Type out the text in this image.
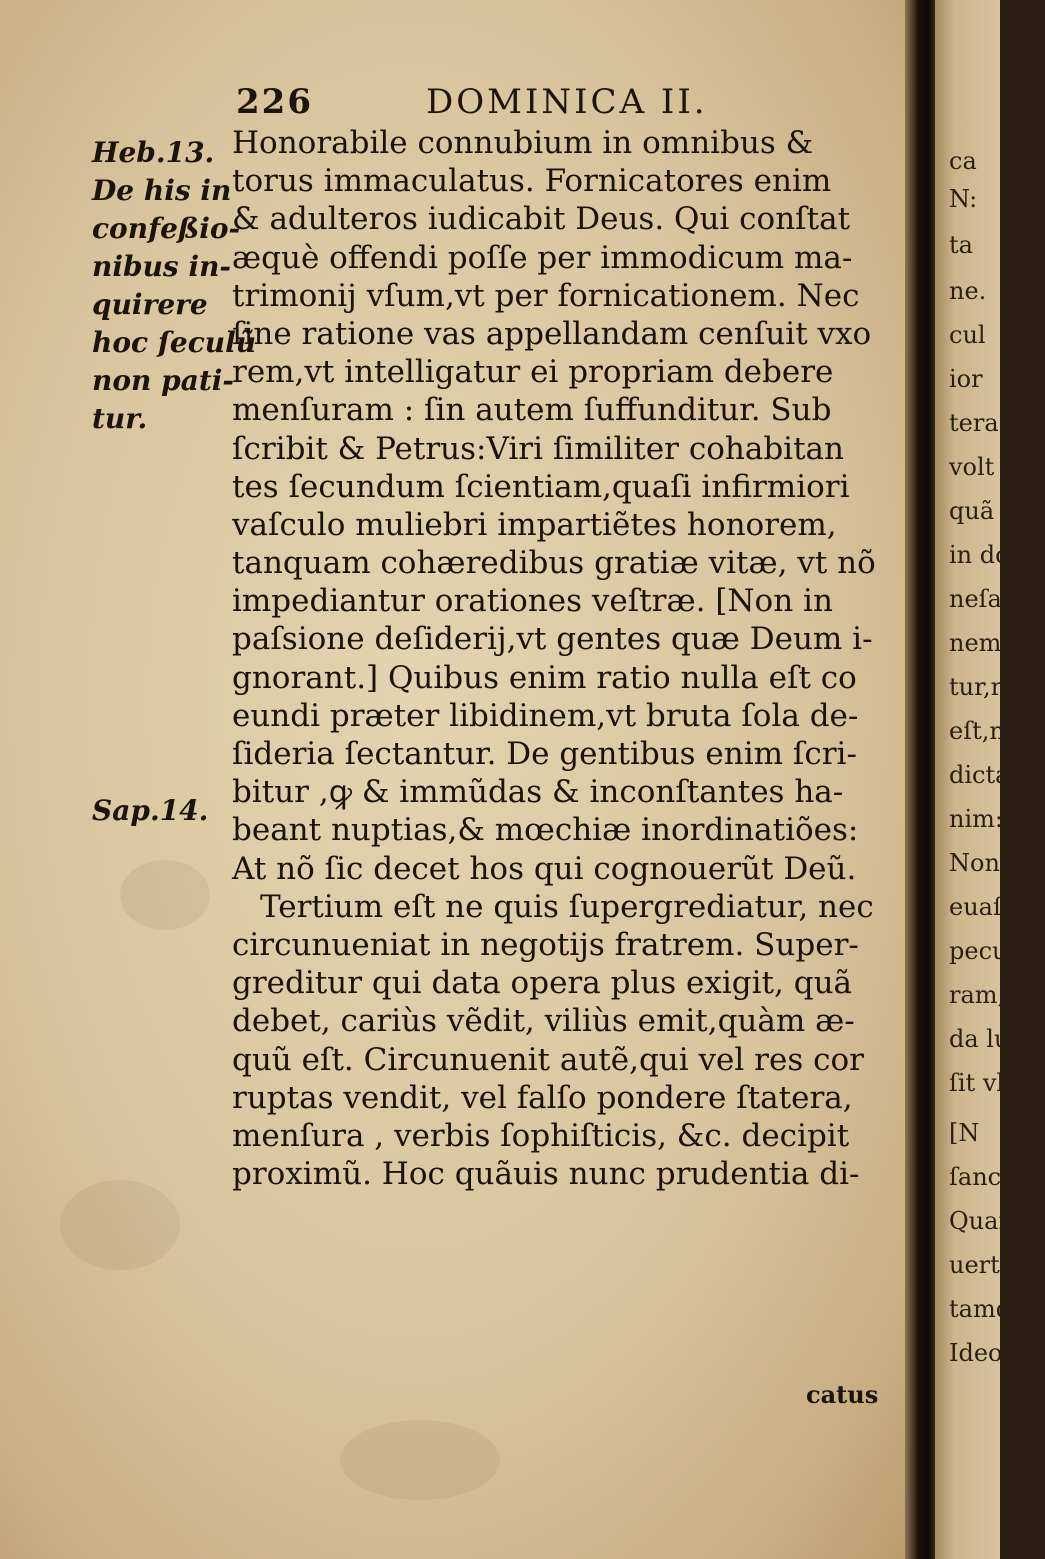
226	DOMINICA II.
Heb.13.
De his in
confeßio-
nibus in-
quirere
hoc ſeculũ
non pati-
tur.
Sap.14.
Honorabile connubium in omnibus &
torus immaculatus. Fornicatores enim
& adulteros iudicabit Deus. Qui conſtat
æquè offendi poſſe per immodicum ma-
trimonij vſum,vt per fornicationem. Nec
ſine ratione vas appellandam cenſuit vxo
rem,vt intelligatur ei propriam debere
menſuram : ſin autem ſuffunditur. Sub
ſcribit & Petrus:Viri ſimiliter cohabitan
tes ſecundum ſcientiam,quaſi infirmiori
vaſculo muliebri impartiẽtes honorem,
tanquam cohæredibus gratiæ vitæ, vt nõ
impediantur orationes veſtræ. [Non in
paſsione deſiderij,vt gentes quæ Deum i-
gnorant.] Quibus enim ratio nulla eſt co
eundi præter libidinem,vt bruta ſola de-
ſideria ſectantur. De gentibus enim ſcri-
bitur ,ꝙ & immũdas & inconſtantes ha-
beant nuptias,& mœchiæ inordinatiões:
At nõ ſic decet hos qui cognouerũt Deũ.
Tertium eſt ne quis ſupergrediatur, nec
circunueniat in negotijs fratrem. Super-
greditur qui data opera plus exigit, quã
debet, cariùs vẽdit, viliùs emit,quàm æ-
quũ eſt. Circunuenit autẽ,qui vel res cor
ruptas vendit, vel falſo pondere ſtatera,
menſura , verbis ſophiſticis, &c. decipit
proximũ. Hoc quãuis nunc prudentia di-
catus
ca
N:
ta
ne.
cul
ior
tera
volt
quã
in do
neſa
nem
tur,r
eſt,n
dicta
nim:(
Non a
euaſu
pecun
ram,&
da lues
ſit vlto
[N
ſanctifi
Quare c
uertunt
tamq; g
Ideo cũ
